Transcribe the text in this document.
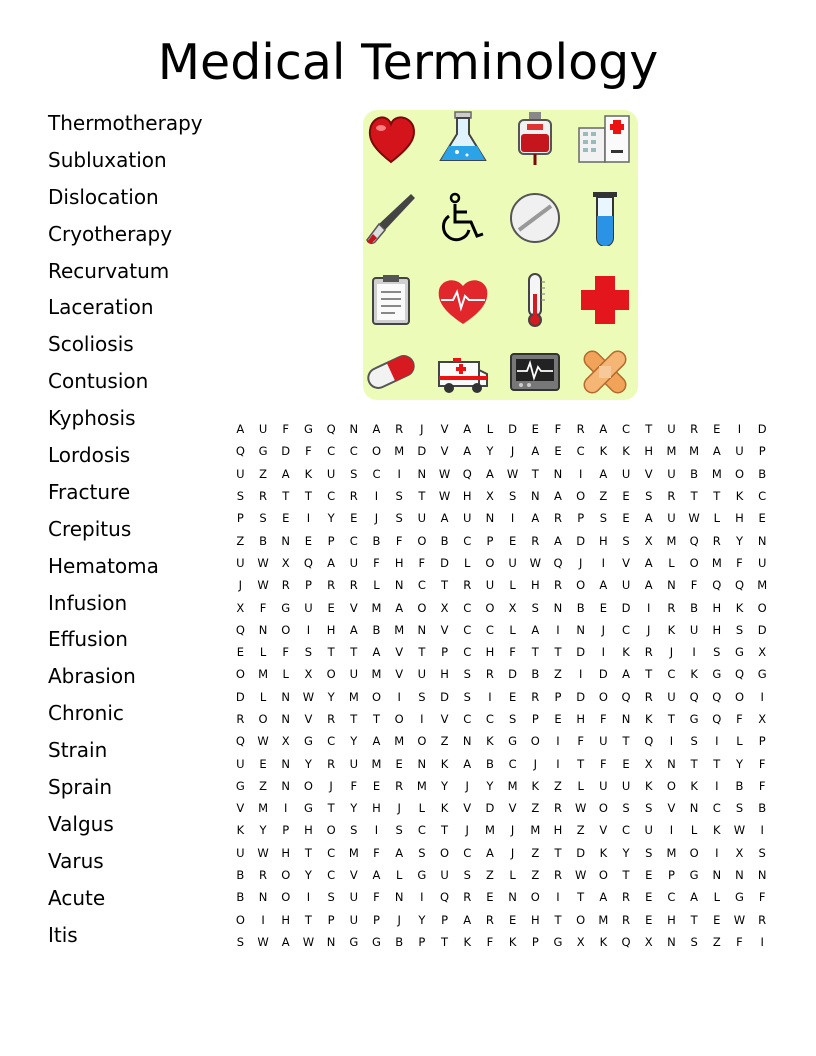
Medical Terminology
Thermotherapy
Subluxation
Dislocation
Cryotherapy
Recurvatum
Laceration
Scoliosis
Contusion
Kyphosis
Lordosis
Fracture
Crepitus
Hematoma
Infusion
Effusion
Abrasion
Chronic
Strain
Sprain
Valgus
Varus
Acute
Itis
A	U	F	G	Q	N	A	R	J	V	A	L	D	E	F	R	A	C	T	U	R	E	I	D
Q	G	D	F	C	C	O	M	D	V	A	Y	J	A	E	C	K	K	H	M	M	A	U	P
U	Z	A	K	U	S	C	I	N	W	Q	A	W	T	N	I	A	U	V	U	B	M	O	B
S	R	T	T	C	R	I	S	T	W	H	X	S	N	A	O	Z	E	S	R	T	T	K	C
P	S	E	I	Y	E	J	S	U	A	U	N	I	A	R	P	S	E	A	U	W	L	H	E
Z	B	N	E	P	C	B	F	O	B	C	P	E	R	A	D	H	S	X	M	Q	R	Y	N
U	W	X	Q	A	U	F	H	F	D	L	O	U	W	Q	J	I	V	A	L	O	M	F	U
J	W	R	P	R	R	L	N	C	T	R	U	L	H	R	O	A	U	A	N	F	Q	Q	M
X	F	G	U	E	V	M	A	O	X	C	O	X	S	N	B	E	D	I	R	B	H	K	O
Q	N	O	I	H	A	B	M	N	V	C	C	L	A	I	N	J	C	J	K	U	H	S	D
E	L	F	S	T	T	A	V	T	P	C	H	F	T	T	D	I	K	R	J	I	S	G	X
O	M	L	X	O	U	M	V	U	H	S	R	D	B	Z	I	D	A	T	C	K	G	Q	G
D	L	N	W	Y	M	O	I	S	D	S	I	E	R	P	D	O	Q	R	U	Q	Q	O	I
R	O	N	V	R	T	T	O	I	V	C	C	S	P	E	H	F	N	K	T	G	Q	F	X
Q	W	X	G	C	Y	A	M	O	Z	N	K	G	O	I	F	U	T	Q	I	S	I	L	P
U	E	N	Y	R	U	M	E	N	K	A	B	C	J	I	T	F	E	X	N	T	T	Y	F
G	Z	N	O	J	F	E	R	M	Y	J	Y	M	K	Z	L	U	U	K	O	K	I	B	F
V	M	I	G	T	Y	H	J	L	K	V	D	V	Z	R	W	O	S	S	V	N	C	S	B
K	Y	P	H	O	S	I	S	C	T	J	M	J	M	H	Z	V	C	U	I	L	K	W	I
U	W	H	T	C	M	F	A	S	O	C	A	J	Z	T	D	K	Y	S	M	O	I	X	S
B	R	O	Y	C	V	A	L	G	U	S	Z	L	Z	R	W	O	T	E	P	G	N	N	N
B	N	O	I	S	U	F	N	I	Q	R	E	N	O	I	T	A	R	E	C	A	L	G	F
O	I	H	T	P	U	P	J	Y	P	A	R	E	H	T	O	M	R	E	H	T	E	W	R
S	W	A	W	N	G	G	B	P	T	K	F	K	P	G	X	K	Q	X	N	S	Z	F	I
